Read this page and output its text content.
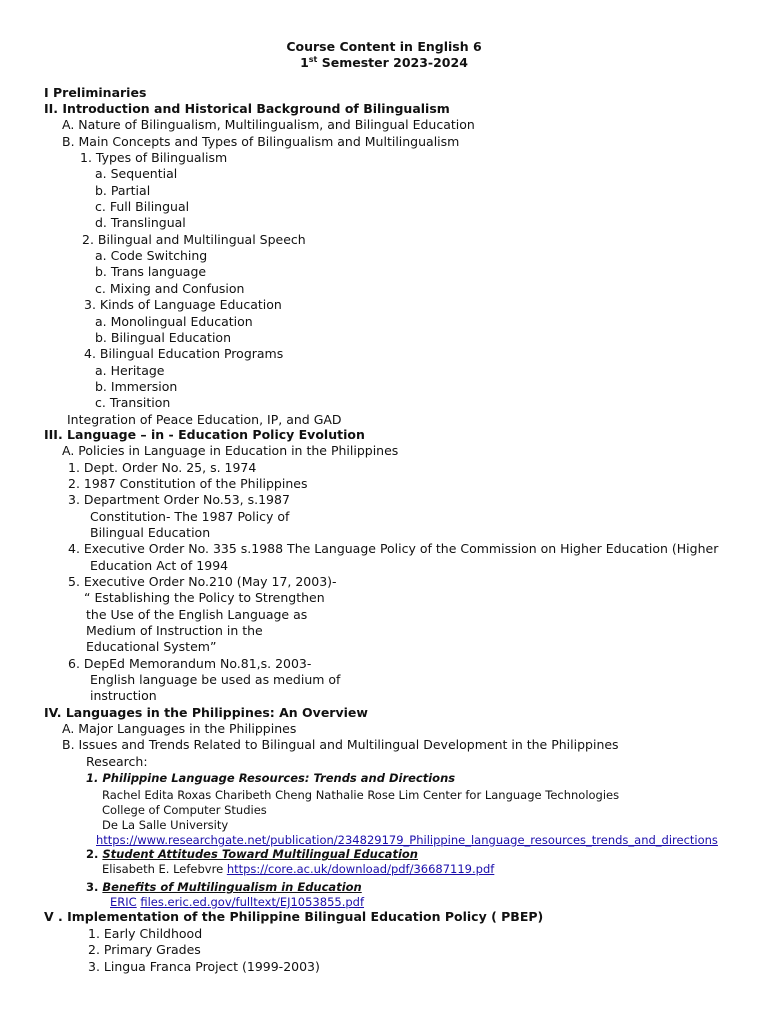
Course Content in English 6
1st Semester 2023-2024
I Preliminaries
II. Introduction and Historical Background of Bilingualism
A. Nature of Bilingualism, Multilingualism, and Bilingual Education
B. Main Concepts and Types of Bilingualism and Multilingualism
1. Types of Bilingualism
a. Sequential
b. Partial
c. Full Bilingual
d. Translingual
2. Bilingual and Multilingual Speech
a. Code Switching
b. Trans language
c. Mixing and Confusion
3. Kinds of Language Education
a. Monolingual Education
b. Bilingual Education
4. Bilingual Education Programs
a. Heritage
b. Immersion
c. Transition
Integration of Peace Education, IP, and GAD
III. Language – in - Education Policy Evolution
A. Policies in Language in Education in the Philippines
1. Dept. Order No. 25, s. 1974
2. 1987 Constitution of the Philippines
3. Department Order No.53, s.1987
Constitution- The 1987 Policy of
Bilingual Education
4. Executive Order No. 335 s.1988 The Language Policy of the Commission on Higher Education (Higher
Education Act of 1994
5. Executive Order No.210 (May 17, 2003)-
“ Establishing the Policy to Strengthen
the Use of the English Language as
Medium of Instruction in the
Educational System”
6. DepEd Memorandum No.81,s. 2003-
English language be used as medium of
instruction
IV. Languages in the Philippines: An Overview
A. Major Languages in the Philippines
B. Issues and Trends Related to Bilingual and Multilingual Development in the Philippines
Research:
1. Philippine Language Resources: Trends and Directions
Rachel Edita Roxas Charibeth Cheng Nathalie Rose Lim Center for Language Technologies
College of Computer Studies
De La Salle University
https://www.researchgate.net/publication/234829179_Philippine_language_resources_trends_and_directions
2. Student Attitudes Toward Multilingual Education
Elisabeth E. Lefebvre https://core.ac.uk/download/pdf/36687119.pdf
3. Benefits of Multilingualism in Education
ERIC files.eric.ed.gov/fulltext/EJ1053855.pdf
V . Implementation of the Philippine Bilingual Education Policy ( PBEP)
1. Early Childhood
2. Primary Grades
3. Lingua Franca Project (1999-2003)
